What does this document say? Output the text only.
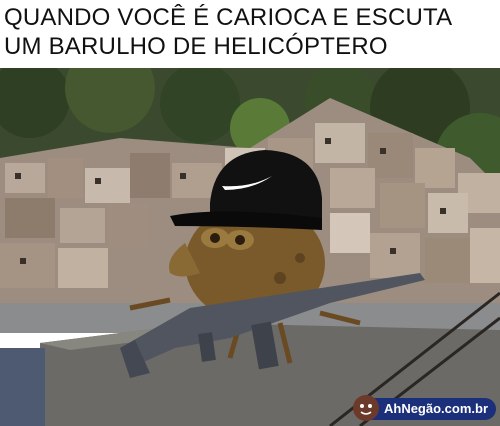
QUANDO VOCÊ É CARIOCA E ESCUTA
UM BARULHO DE HELICÓPTERO
AhNegão.com.br
